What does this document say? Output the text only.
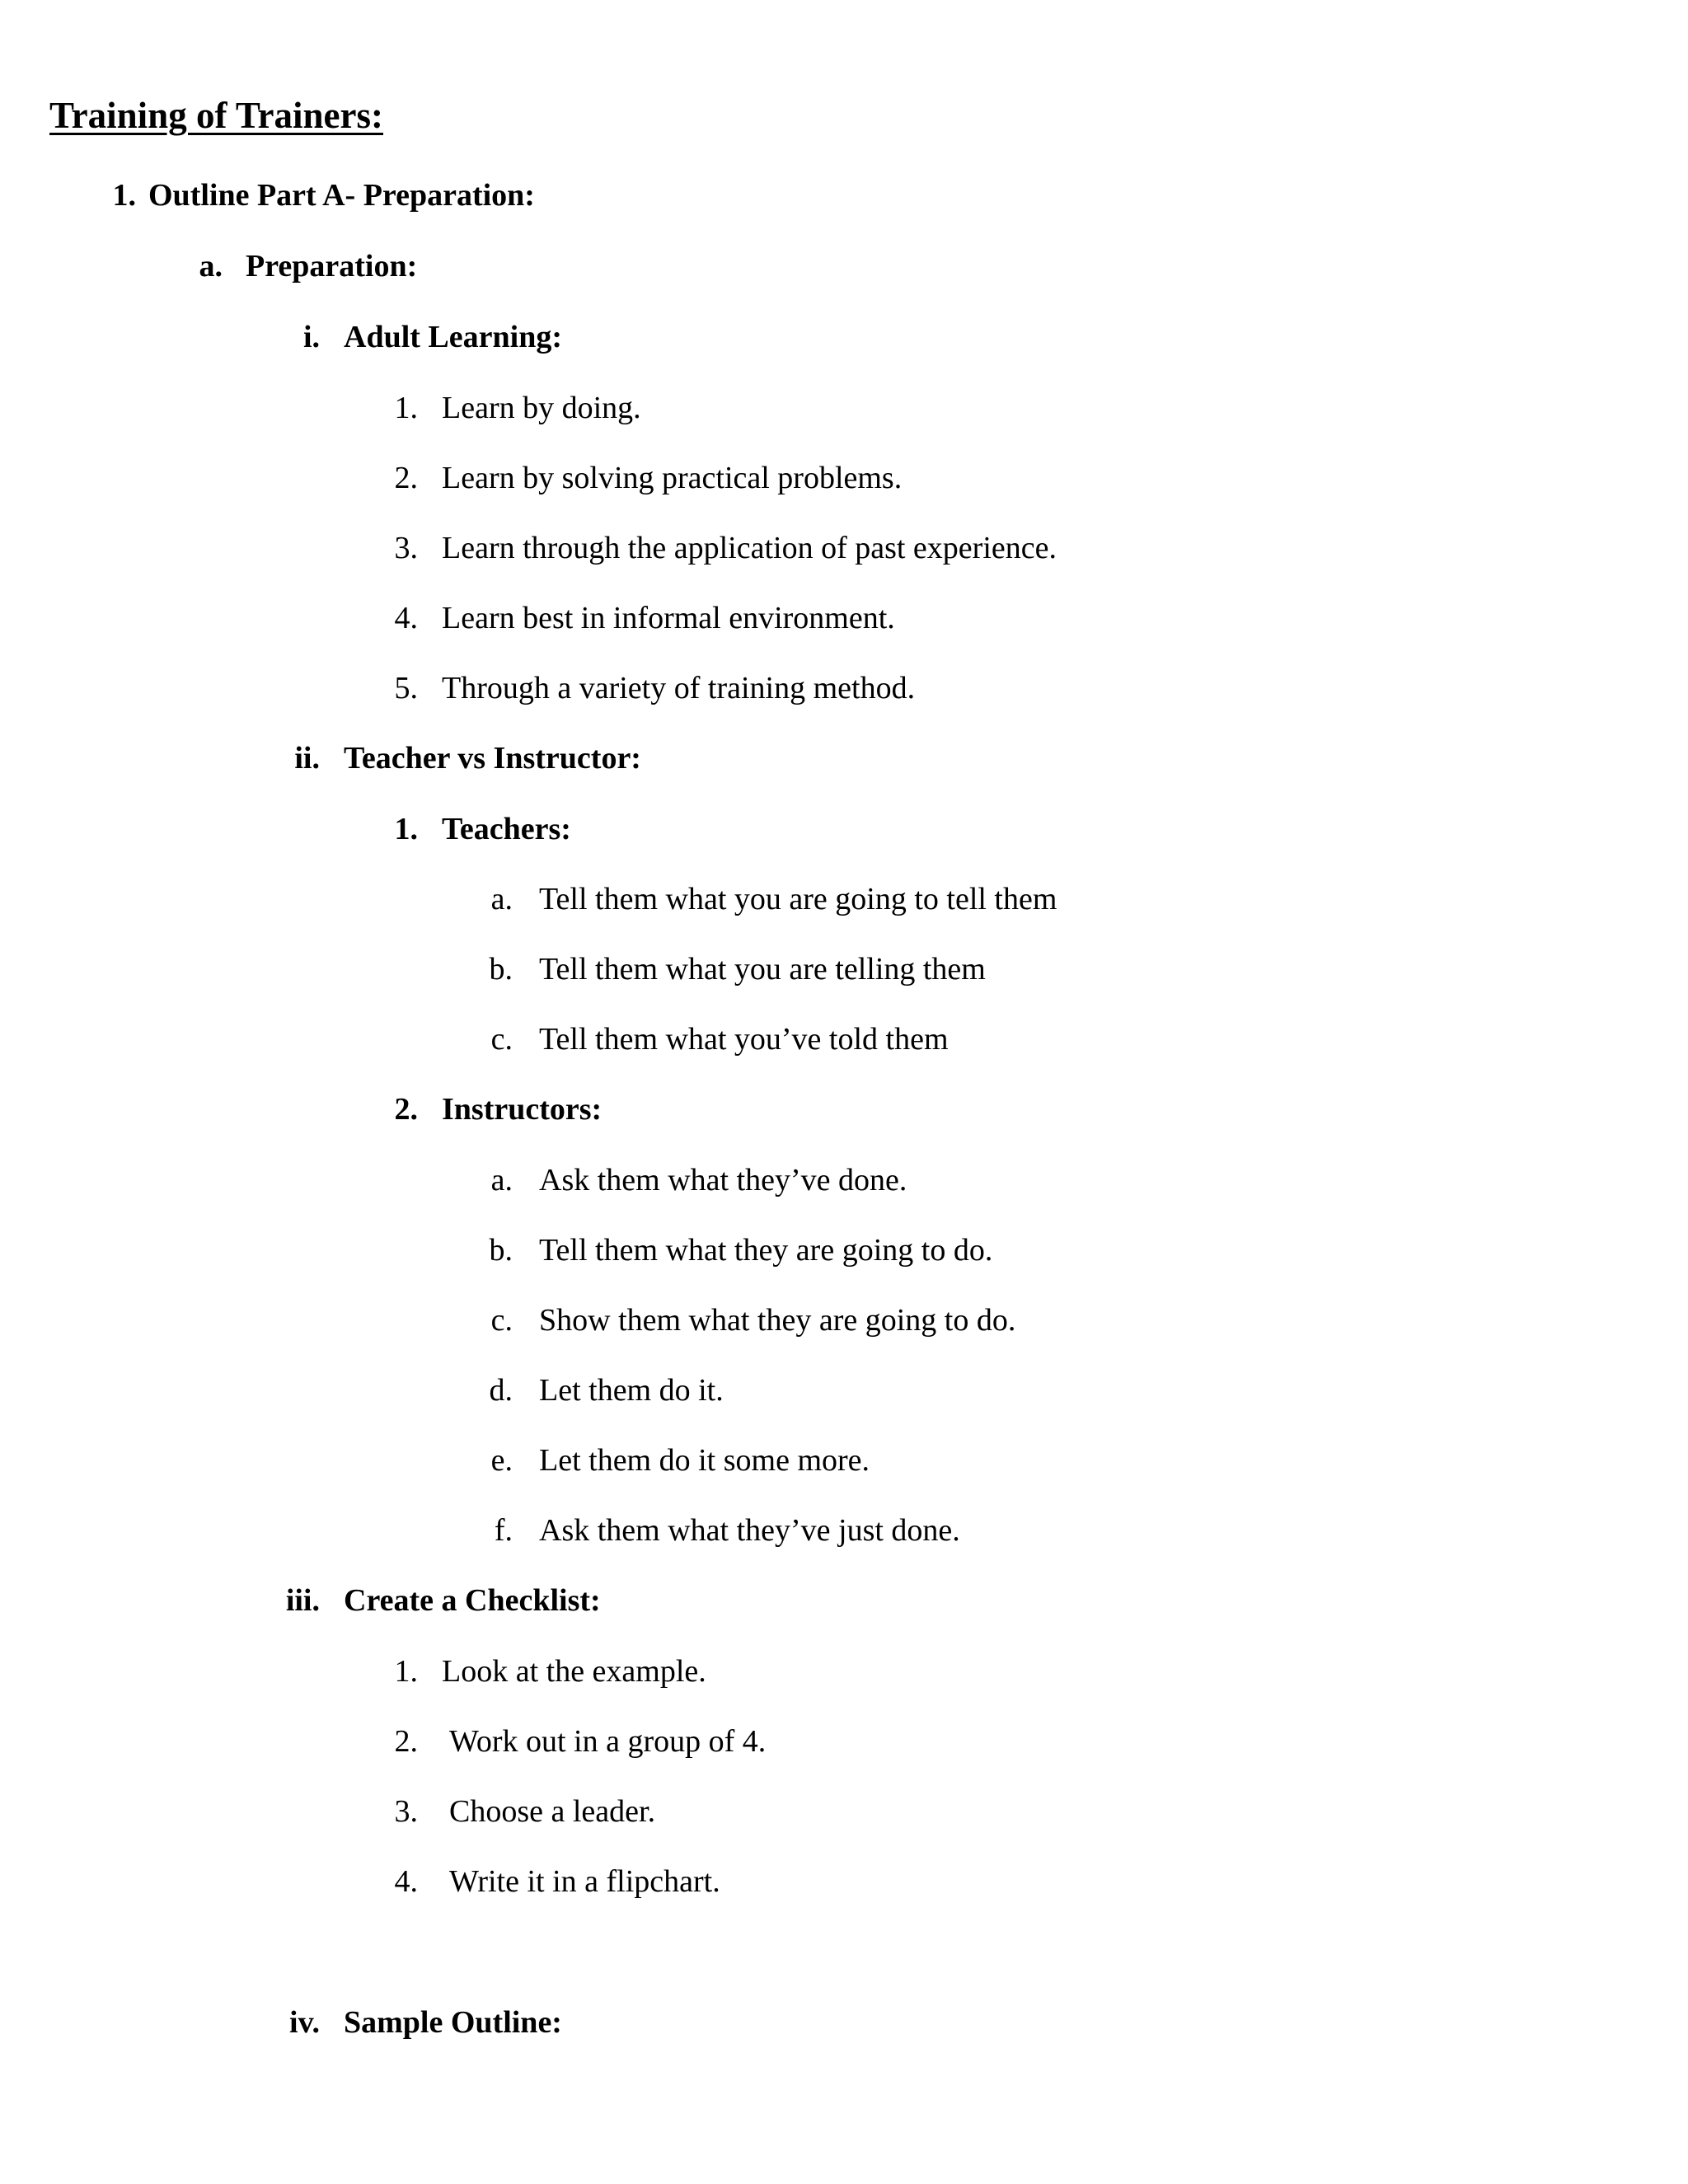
Training of Trainers:
1. Outline Part A- Preparation:
a. Preparation:
i. Adult Learning:
1. Learn by doing.
2. Learn by solving practical problems.
3. Learn through the application of past experience.
4. Learn best in informal environment.
5. Through a variety of training method.
ii. Teacher vs Instructor:
1. Teachers:
a. Tell them what you are going to tell them
b. Tell them what you are telling them
c. Tell them what you’ve told them
2. Instructors:
a. Ask them what they’ve done.
b. Tell them what they are going to do.
c. Show them what they are going to do.
d. Let them do it.
e. Let them do it some more.
f. Ask them what they’ve just done.
iii. Create a Checklist:
1. Look at the example.
2. Work out in a group of 4.
3. Choose a leader.
4. Write it in a flipchart.
iv. Sample Outline:
